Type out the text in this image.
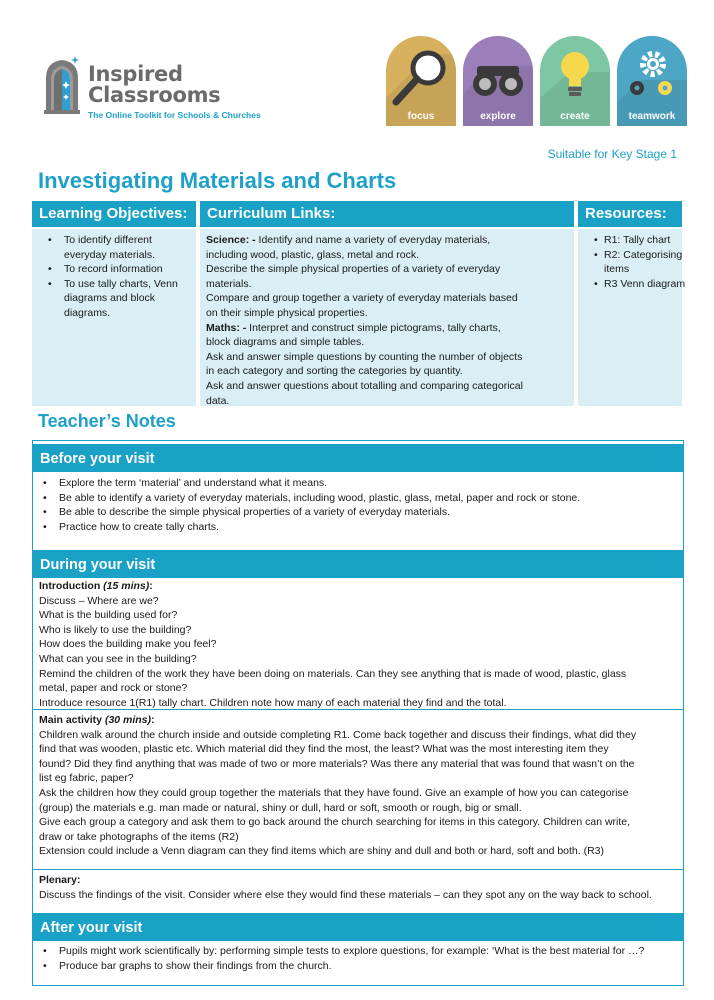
Inspired
Classrooms
The Online Toolkit for Schools & Churches	focus	explore	create	teamwork
Suitable for Key Stage 1
Investigating Materials and Charts
Learning Objectives:
• To identify different
everyday materials.
• To record information
• To use tally charts, Venn
diagrams and block
diagrams.
Curriculum Links:
Science: - Identify and name a variety of everyday materials,
including wood, plastic, glass, metal and rock.
Describe the simple physical properties of a variety of everyday
materials.
Compare and group together a variety of everyday materials based
on their simple physical properties.
Maths: - Interpret and construct simple pictograms, tally charts,
block diagrams and simple tables.
Ask and answer simple questions by counting the number of objects
in each category and sorting the categories by quantity.
Ask and answer questions about totalling and comparing categorical
data.
Resources:
• R1: Tally chart
• R2: Categorising
items
• R3 Venn diagram
Teacher’s Notes
Before your visit
• Explore the term ‘material’ and understand what it means.
• Be able to identify a variety of everyday materials, including wood, plastic, glass, metal, paper and rock or stone.
• Be able to describe the simple physical properties of a variety of everyday materials.
• Practice how to create tally charts.
During your visit
Introduction (15 mins):
Discuss – Where are we?
What is the building used for?
Who is likely to use the building?
How does the building make you feel?
What can you see in the building?
Remind the children of the work they have been doing on materials. Can they see anything that is made of wood, plastic, glass
metal, paper and rock or stone?
Introduce resource 1(R1) tally chart. Children note how many of each material they find and the total.
Main activity (30 mins):
Children walk around the church inside and outside completing R1. Come back together and discuss their findings, what did they
find that was wooden, plastic etc. Which material did they find the most, the least? What was the most interesting item they
found? Did they find anything that was made of two or more materials? Was there any material that was found that wasn’t on the
list eg fabric, paper?
Ask the children how they could group together the materials that they have found. Give an example of how you can categorise
(group) the materials e.g. man made or natural, shiny or dull, hard or soft, smooth or rough, big or small.
Give each group a category and ask them to go back around the church searching for items in this category. Children can write,
draw or take photographs of the items (R2)
Extension could include a Venn diagram can they find items which are shiny and dull and both or hard, soft and both. (R3)
Plenary:
Discuss the findings of the visit. Consider where else they would find these materials – can they spot any on the way back to school.
After your visit
• Pupils might work scientifically by: performing simple tests to explore questions, for example: ‘What is the best material for …?
• Produce bar graphs to show their findings from the church.
